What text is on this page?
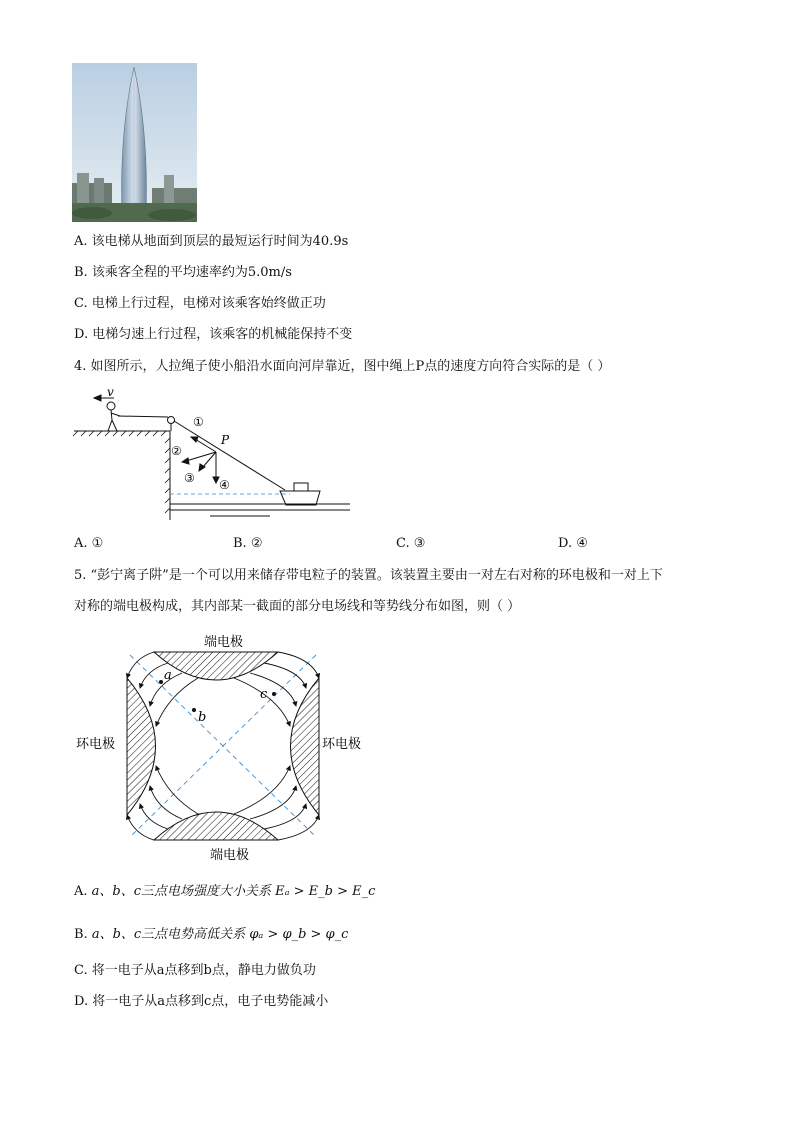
A. 该电梯从地面到顶层的最短运行时间为40.9s
B. 该乘客全程的平均速率约为5.0m/s
C. 电梯上行过程，电梯对该乘客始终做正功
D. 电梯匀速上行过程，该乘客的机械能保持不变
4. 如图所示，人拉绳子使小船沿水面向河岸靠近，图中绳上P点的速度方向符合实际的是（ ）
v
P
①
②
③ ④
A. ①	B. ②	C. ③	D. ④
5. “彭宁离子阱”是一个可以用来储存带电粒子的装置。该装置主要由一对左右对称的环电极和一对上下
对称的端电极构成，其内部某一截面的部分电场线和等势线分布如图，则（ ）
a
b
c
端电极
端电极
环电极	环电极
A. a、b、c三点电场强度大小关系 Eₐ > E_b > E_c
B. a、b、c三点电势高低关系 φₐ > φ_b > φ_c
C. 将一电子从a点移到b点，静电力做负功
D. 将一电子从a点移到c点，电子电势能减小
